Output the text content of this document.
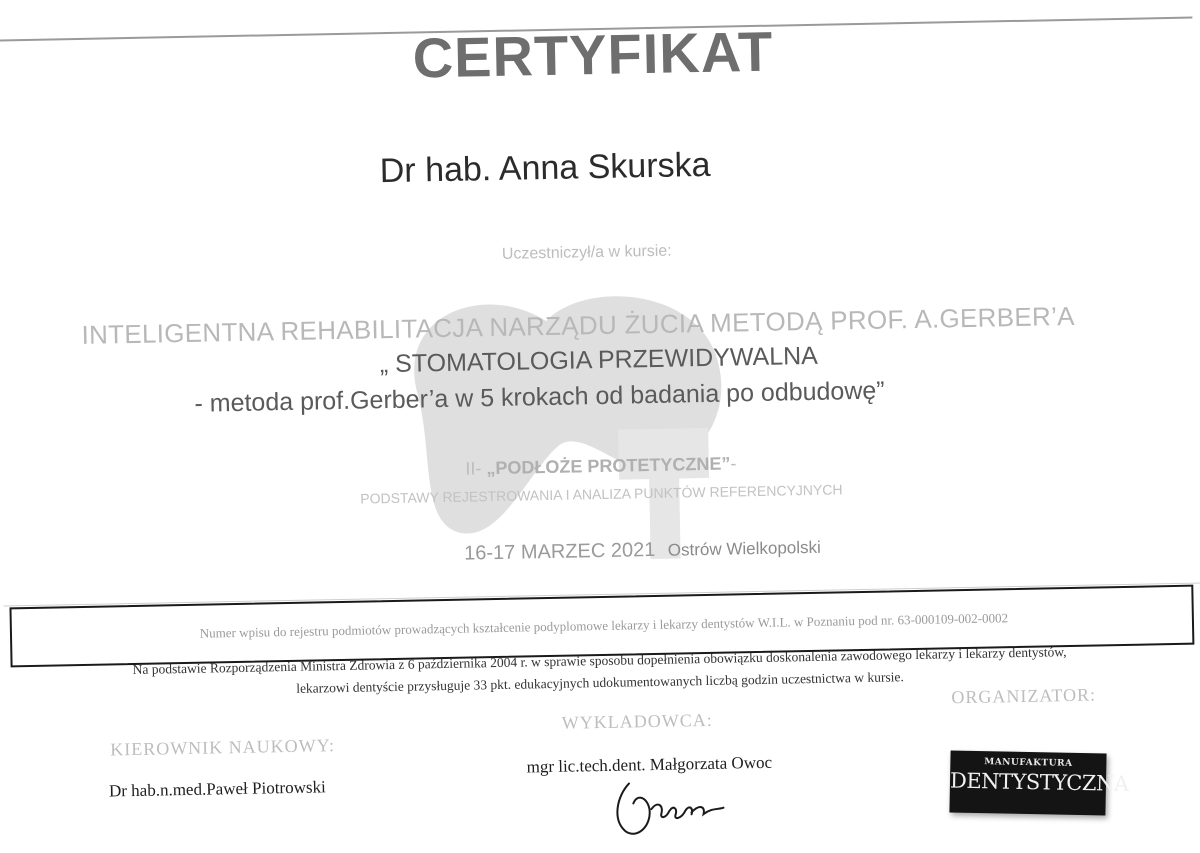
CERTYFIKAT
Dr hab. Anna Skurska
Uczestniczył/a w kursie:
INTELIGENTNA REHABILITACJA NARZĄDU ŻUCIA METODĄ PROF. A.GERBER’A
„ STOMATOLOGIA PRZEWIDYWALNA
- metoda prof.Gerber’a w 5 krokach od badania po odbudowę”
II- „PODŁOŻE PROTETYCZNE”-
PODSTAWY REJESTROWANIA I ANALIZA PUNKTÓW REFERENCYJNYCH
16-17 MARZEC 2021 Ostrów Wielkopolski
Numer wpisu do rejestru podmiotów prowadzących kształcenie podyplomowe lekarzy i lekarzy dentystów W.I.L. w Poznaniu pod nr. 63-000109-002-0002
Na podstawie Rozporządzenia Ministra Zdrowia z 6 października 2004 r. w sprawie sposobu dopełnienia obowiązku doskonalenia zawodowego lekarzy i lekarzy dentystów,
lekarzowi dentyście przysługuje 33 pkt. edukacyjnych udokumentowanych liczbą godzin uczestnictwa w kursie.
KIEROWNIK NAUKOWY:
Dr hab.n.med.Paweł Piotrowski
WYKLADOWCA:
mgr lic.tech.dent. Małgorzata Owoc
ORGANIZATOR:
MANUFAKTURA
DENTYSTYCZNA
